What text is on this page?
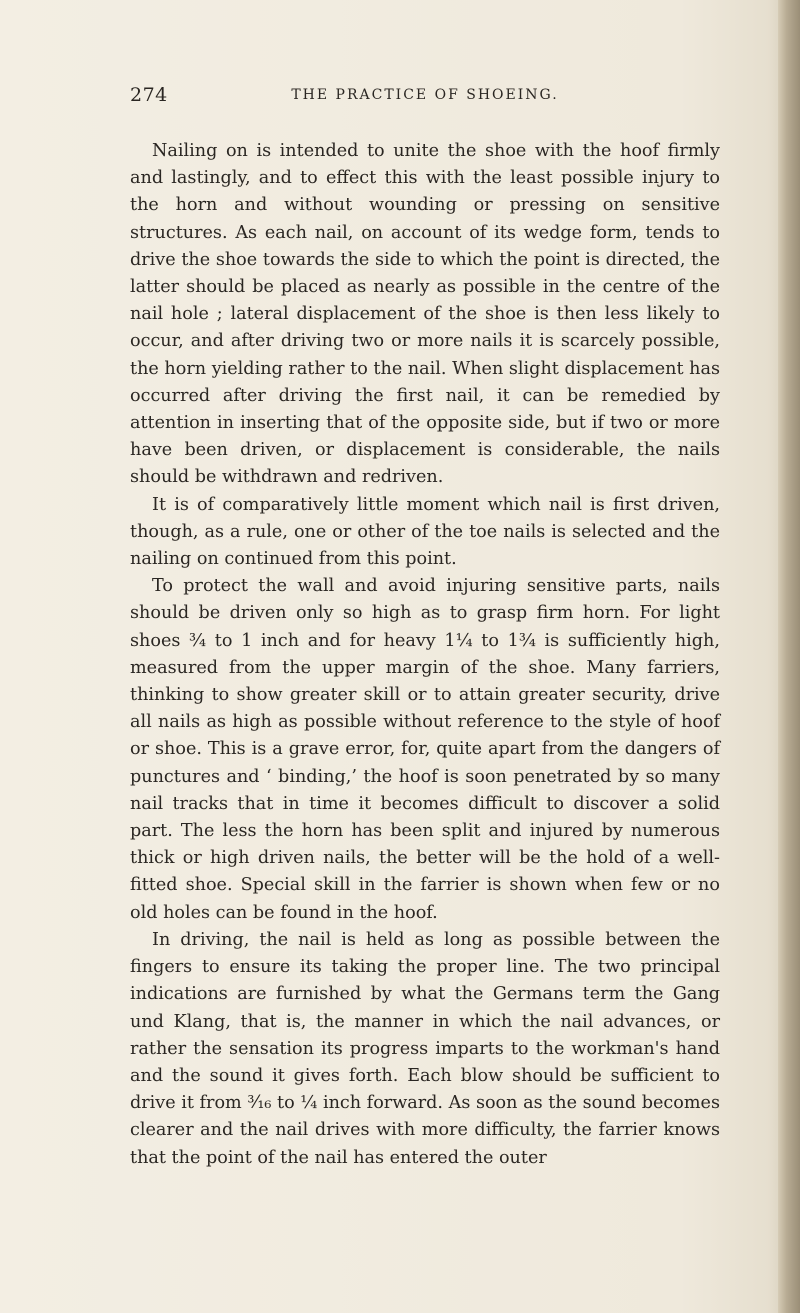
274	THE PRACTICE OF SHOEING.

Nailing on is intended to unite the shoe with the hoof firmly and lastingly, and to effect this with the least possible injury to the horn and without wounding or pressing on sensitive structures. As each nail, on account of its wedge form, tends to drive the shoe towards the side to which the point is directed, the latter should be placed as nearly as possible in the centre of the nail hole ; lateral displacement of the shoe is then less likely to occur, and after driving two or more nails it is scarcely possible, the horn yielding rather to the nail. When slight displacement has occurred after driving the first nail, it can be remedied by attention in inserting that of the opposite side, but if two or more have been driven, or displacement is considerable, the nails should be withdrawn and redriven.

It is of comparatively little moment which nail is first driven, though, as a rule, one or other of the toe nails is selected and the nailing on continued from this point.

To protect the wall and avoid injuring sensitive parts, nails should be driven only so high as to grasp firm horn. For light shoes ¾ to 1 inch and for heavy 1¼ to 1¾ is sufficiently high, measured from the upper margin of the shoe. Many farriers, thinking to show greater skill or to attain greater security, drive all nails as high as possible without reference to the style of hoof or shoe. This is a grave error, for, quite apart from the dangers of punctures and ‘ binding,’ the hoof is soon penetrated by so many nail tracks that in time it becomes difficult to discover a solid part. The less the horn has been split and injured by numerous thick or high driven nails, the better will be the hold of a well-fitted shoe. Special skill in the farrier is shown when few or no old holes can be found in the hoof.

In driving, the nail is held as long as possible between the fingers to ensure its taking the proper line. The two principal indications are furnished by what the Germans term the Gang und Klang, that is, the manner in which the nail advances, or rather the sensation its progress imparts to the workman's hand and the sound it gives forth. Each blow should be sufficient to drive it from ³⁄₁₆ to ¼ inch forward. As soon as the sound becomes clearer and the nail drives with more difficulty, the farrier knows that the point of the nail has entered the outer
